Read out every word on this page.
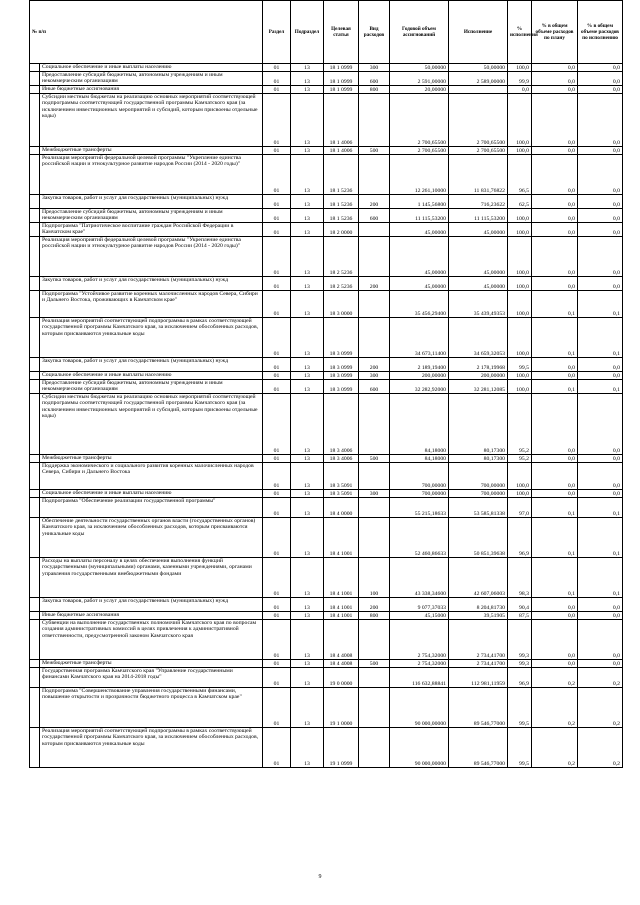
№ п/п		Раздел	Подраздел	Целевая статья	Вид расходов	Годовой объем ассигнований	Исполнение	% исполнения	% в общем объеме расходов по плану	% в общем объеме расходов по исполнению
	Социальное обеспечение и иные выплаты населению	01	13	18 1 0999	300	50,00000	50,00000	100,0	0,0	0,0
	Предоставление субсидий бюджетным, автономным учреждениям и иным некоммерческим организациям	01	13	18 1 0999	600	2 591,00000	2 589,00000	99,9	0,0	0,0
	Иные бюджетные ассигнования	01	13	18 1 0999	800	20,00000		0,0	0,0	0,0
	Субсидии местным бюджетам на реализацию основных мероприятий соответствующей подпрограммы соответствующей государственной программы Камчатского края (за исключением инвестиционных мероприятий и субсидий, которым присвоены отдельные коды)	01	13	18 1 4006		2 700,65500	2 700,65500	100,0	0,0	0,0
	Межбюджетные трансферты	01	13	18 1 4006	500	2 700,65500	2 700,65500	100,0	0,0	0,0
	Реализация мероприятий федеральной целевой программы "Укрепление единства российской нации и этнокультурное развитие народов России (2014 - 2020 годы)"	01	13	18 1 5236		12 261,10000	11 831,76822	96,5	0,0	0,0
	Закупка товаров, работ и услуг для государственных (муниципальных) нужд	01	13	18 1 5236	200	1 145,56800	716,23622	62,5	0,0	0,0
	Предоставление субсидий бюджетным, автономным учреждениям и иным некоммерческим организациям	01	13	18 1 5236	600	11 115,53200	11 115,53200	100,0	0,0	0,0
	Подпрограмма "Патриотическое воспитание граждан Российской Федерации в Камчатском крае"	01	13	18 2 0000		45,00000	45,00000	100,0	0,0	0,0
	Реализация мероприятий федеральной целевой программы "Укрепление единства российской нации и этнокультурное развитие народов России (2014 - 2020 годы)"	01	13	18 2 5236		45,00000	45,00000	100,0	0,0	0,0
	Закупка товаров, работ и услуг для государственных (муниципальных) нужд	01	13	18 2 5236	200	45,00000	45,00000	100,0	0,0	0,0
	Подпрограмма "Устойчивое развитие коренных малочисленных народов Севера, Сибири и Дальнего Востока, проживающих в Камчатском крае"	01	13	18 3 0000		35 456,29400	35 439,49353	100,0	0,1	0,1
	Реализация мероприятий соответствующей подпрограммы в рамках соответствующей государственной программы Камчатского края, за исключением обособленных расходов, которым присваиваются уникальные коды	01	13	18 3 0999		34 673,11400	34 659,32053	100,0	0,1	0,1
	Закупка товаров, работ и услуг для государственных (муниципальных) нужд	01	13	18 3 0999	200	2 189,19400	2 178,19968	99,5	0,0	0,0
	Социальное обеспечение и иные выплаты населению	01	13	18 3 0999	300	200,00000	200,00000	100,0	0,0	0,0
	Предоставление субсидий бюджетным, автономным учреждениям и иным некоммерческим организациям	01	13	18 3 0999	600	32 282,92000	32 281,12085	100,0	0,1	0,1
	Субсидии местным бюджетам на реализацию основных мероприятий соответствующей подпрограммы соответствующей государственной программы Камчатского края (за исключением инвестиционных мероприятий и субсидий, которым присвоены отдельные коды)	01	13	18 3 4006		84,18000	80,17300	95,2	0,0	0,0
	Межбюджетные трансферты	01	13	18 3 4006	500	84,18000	80,17300	95,2	0,0	0,0
	Поддержка экономического и социального развития коренных малочисленных народов Севера, Сибири и Дальнего Востока	01	13	18 3 5091		700,00000	700,00000	100,0	0,0	0,0
	Социальное обеспечение и иные выплаты населению	01	13	18 3 5091	300	700,00000	700,00000	100,0	0,0	0,0
	Подпрограмма "Обеспечение реализации государственной программы"	01	13	18 4 0000		55 215,18633	53 585,81338	97,0	0,1	0,1
	Обеспечение деятельности государственных органов власти (государственных органов) Камчатского края, за исключением обособленных расходов, которым присваиваются уникальные коды	01	13	18 4 1001		52 460,86633	50 851,39638	96,9	0,1	0,1
	Расходы на выплаты персоналу в целях обеспечения выполнения функций государственными (муниципальными) органами, казенными учреждениями, органами управления государственными внебюджетными фондами	01	13	18 4 1001	100	43 338,34600	42 607,06003	98,3	0,1	0,1
	Закупка товаров, работ и услуг для государственных (муниципальных) нужд	01	13	18 4 1001	200	9 077,37033	8 204,81730	90,4	0,0	0,0
	Иные бюджетные ассигнования	01	13	18 4 1001	800	45,15000	39,51905	87,5	0,0	0,0
	Субвенции на выполнение государственных полномочий Камчатского края по вопросам создания административных комиссий в целях привлечения к административной ответственности, предусмотренной законом Камчатского края	01	13	18 4 4008		2 754,32000	2 734,41700	99,3	0,0	0,0
	Межбюджетные трансферты	01	13	18 4 4008	500	2 754,32000	2 734,41700	99,3	0,0	0,0
	Государственная программа Камчатского края "Управление государственными финансами Камчатского края на 2014-2018 годы"	01	13	19 0 0000		116 632,88841	112 981,11959	96,9	0,2	0,2
	Подпрограмма "Совершенствование управления государственными финансами, повышение открытости и прозрачности бюджетного процесса в Камчатском крае"	01	13	19 1 0000		90 000,00000	89 546,77000	99,5	0,2	0,2
	Реализация мероприятий соответствующей подпрограммы в рамках соответствующей государственной программы Камчатского края, за исключением обособленных расходов, которым присваиваются уникальные коды	01	13	19 1 0999		90 000,00000	89 546,77000	99,5	0,2	0,2
9
